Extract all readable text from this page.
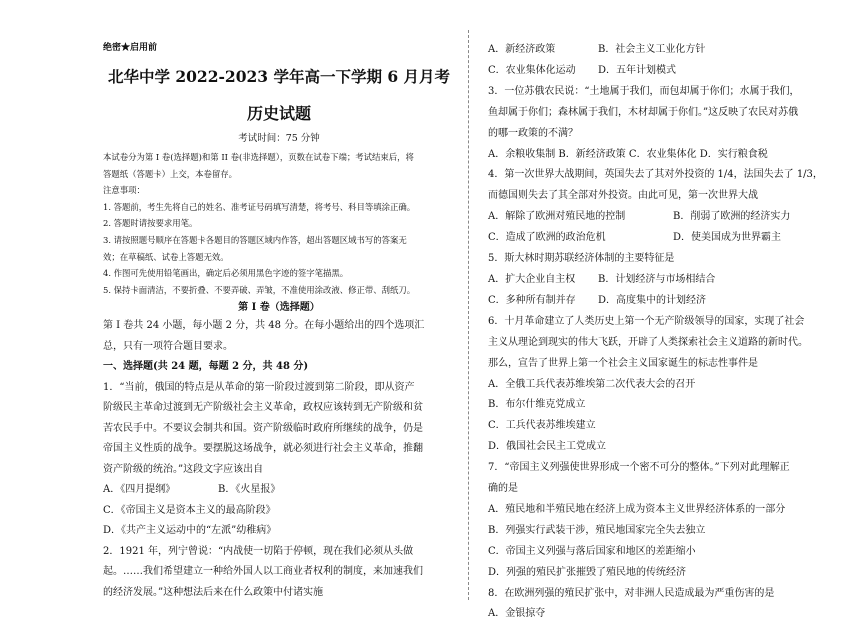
绝密★启用前
北华中学 2022-2023 学年高一下学期 6 月月考
历史试题
考试时间：75 分钟
本试卷分为第 I 卷(选择题)和第 II 卷(非选择题），页数在试卷下端；考试结束后，将
答题纸（答题卡）上交，本卷留存。
注意事项：
1. 答题前，考生先将自己的姓名、准考证号码填写清楚，将考号、科目等填涂正确。
2. 答题时请按要求用笔。
3. 请按照题号顺序在答题卡各题目的答题区域内作答，超出答题区域书写的答案无
效；在草稿纸、试卷上答题无效。
4. 作图可先使用铅笔画出，确定后必须用黑色字迹的签字笔描黑。
5. 保持卡面清洁，不要折叠、不要弄破、弄皱，不准使用涂改液、修正带、刮纸刀。
第 I 卷（选择题）
第 I 卷共 24 小题，每小题 2 分，共 48 分。在每小题给出的四个选项汇
总，只有一项符合题目要求。
一、选择题(共 24 题，每题 2 分，共 48 分)
1．“当前，俄国的特点是从革命的第一阶段过渡到第二阶段，即从资产
阶级民主革命过渡到无产阶级社会主义革命，政权应该转到无产阶级和贫
苦农民手中。不要议会制共和国。资产阶级临时政府所继续的战争，仍是
帝国主义性质的战争。要摆脱这场战争，就必须进行社会主义革命，推翻
资产阶级的统治。”这段文字应该出自
A．《四月提纲》	B．《火星报》
C．《帝国主义是资本主义的最高阶段》
D．《共产主义运动中的“左派”幼稚病》
2．1921 年，列宁曾说：“内战使一切陷于停顿，现在我们必须从头做
起。……我们希望建立一种给外国人以工商业者权利的制度，来加速我们
的经济发展。”这种想法后来在什么政策中付诸实施
A．新经济政策	B．社会主义工业化方针
C．农业集体化运动	D．五年计划模式
3．一位苏俄农民说：“土地属于我们，而包却属于你们；水属于我们，
鱼却属于你们；森林属于我们，木材却属于你们。”这反映了农民对苏俄
的哪一政策的不满？
A．余粮收集制 B．新经济政策 C．农业集体化 D．实行粮食税
4．第一次世界大战期间，英国失去了其对外投资的 1/4，法国失去了 1/3，
而德国则失去了其全部对外投资。由此可见，第一次世界大战
A．解除了欧洲对殖民地的控制	B．削弱了欧洲的经济实力
C．造成了欧洲的政治危机	D．使美国成为世界霸主
5．斯大林时期苏联经济体制的主要特征是
A．扩大企业自主权	B．计划经济与市场相结合
C．多种所有制并存	D．高度集中的计划经济
6．十月革命建立了人类历史上第一个无产阶级领导的国家，实现了社会
主义从理论到现实的伟大飞跃，开辟了人类探索社会主义道路的新时代。
那么，宣告了世界上第一个社会主义国家诞生的标志性事件是
A．全俄工兵代表苏维埃第二次代表大会的召开
B．布尔什维克党成立
C．工兵代表苏维埃建立
D．俄国社会民主工党成立
7．“帝国主义列强使世界形成一个密不可分的整体。”下列对此理解正
确的是
A．殖民地和半殖民地在经济上成为资本主义世界经济体系的一部分
B．列强实行武装干涉，殖民地国家完全失去独立
C．帝国主义列强与落后国家和地区的差距缩小
D．列强的殖民扩张摧毁了殖民地的传统经济
8．在欧洲列强的殖民扩张中，对非洲人民造成最为严重伤害的是
A．金银掠夺
